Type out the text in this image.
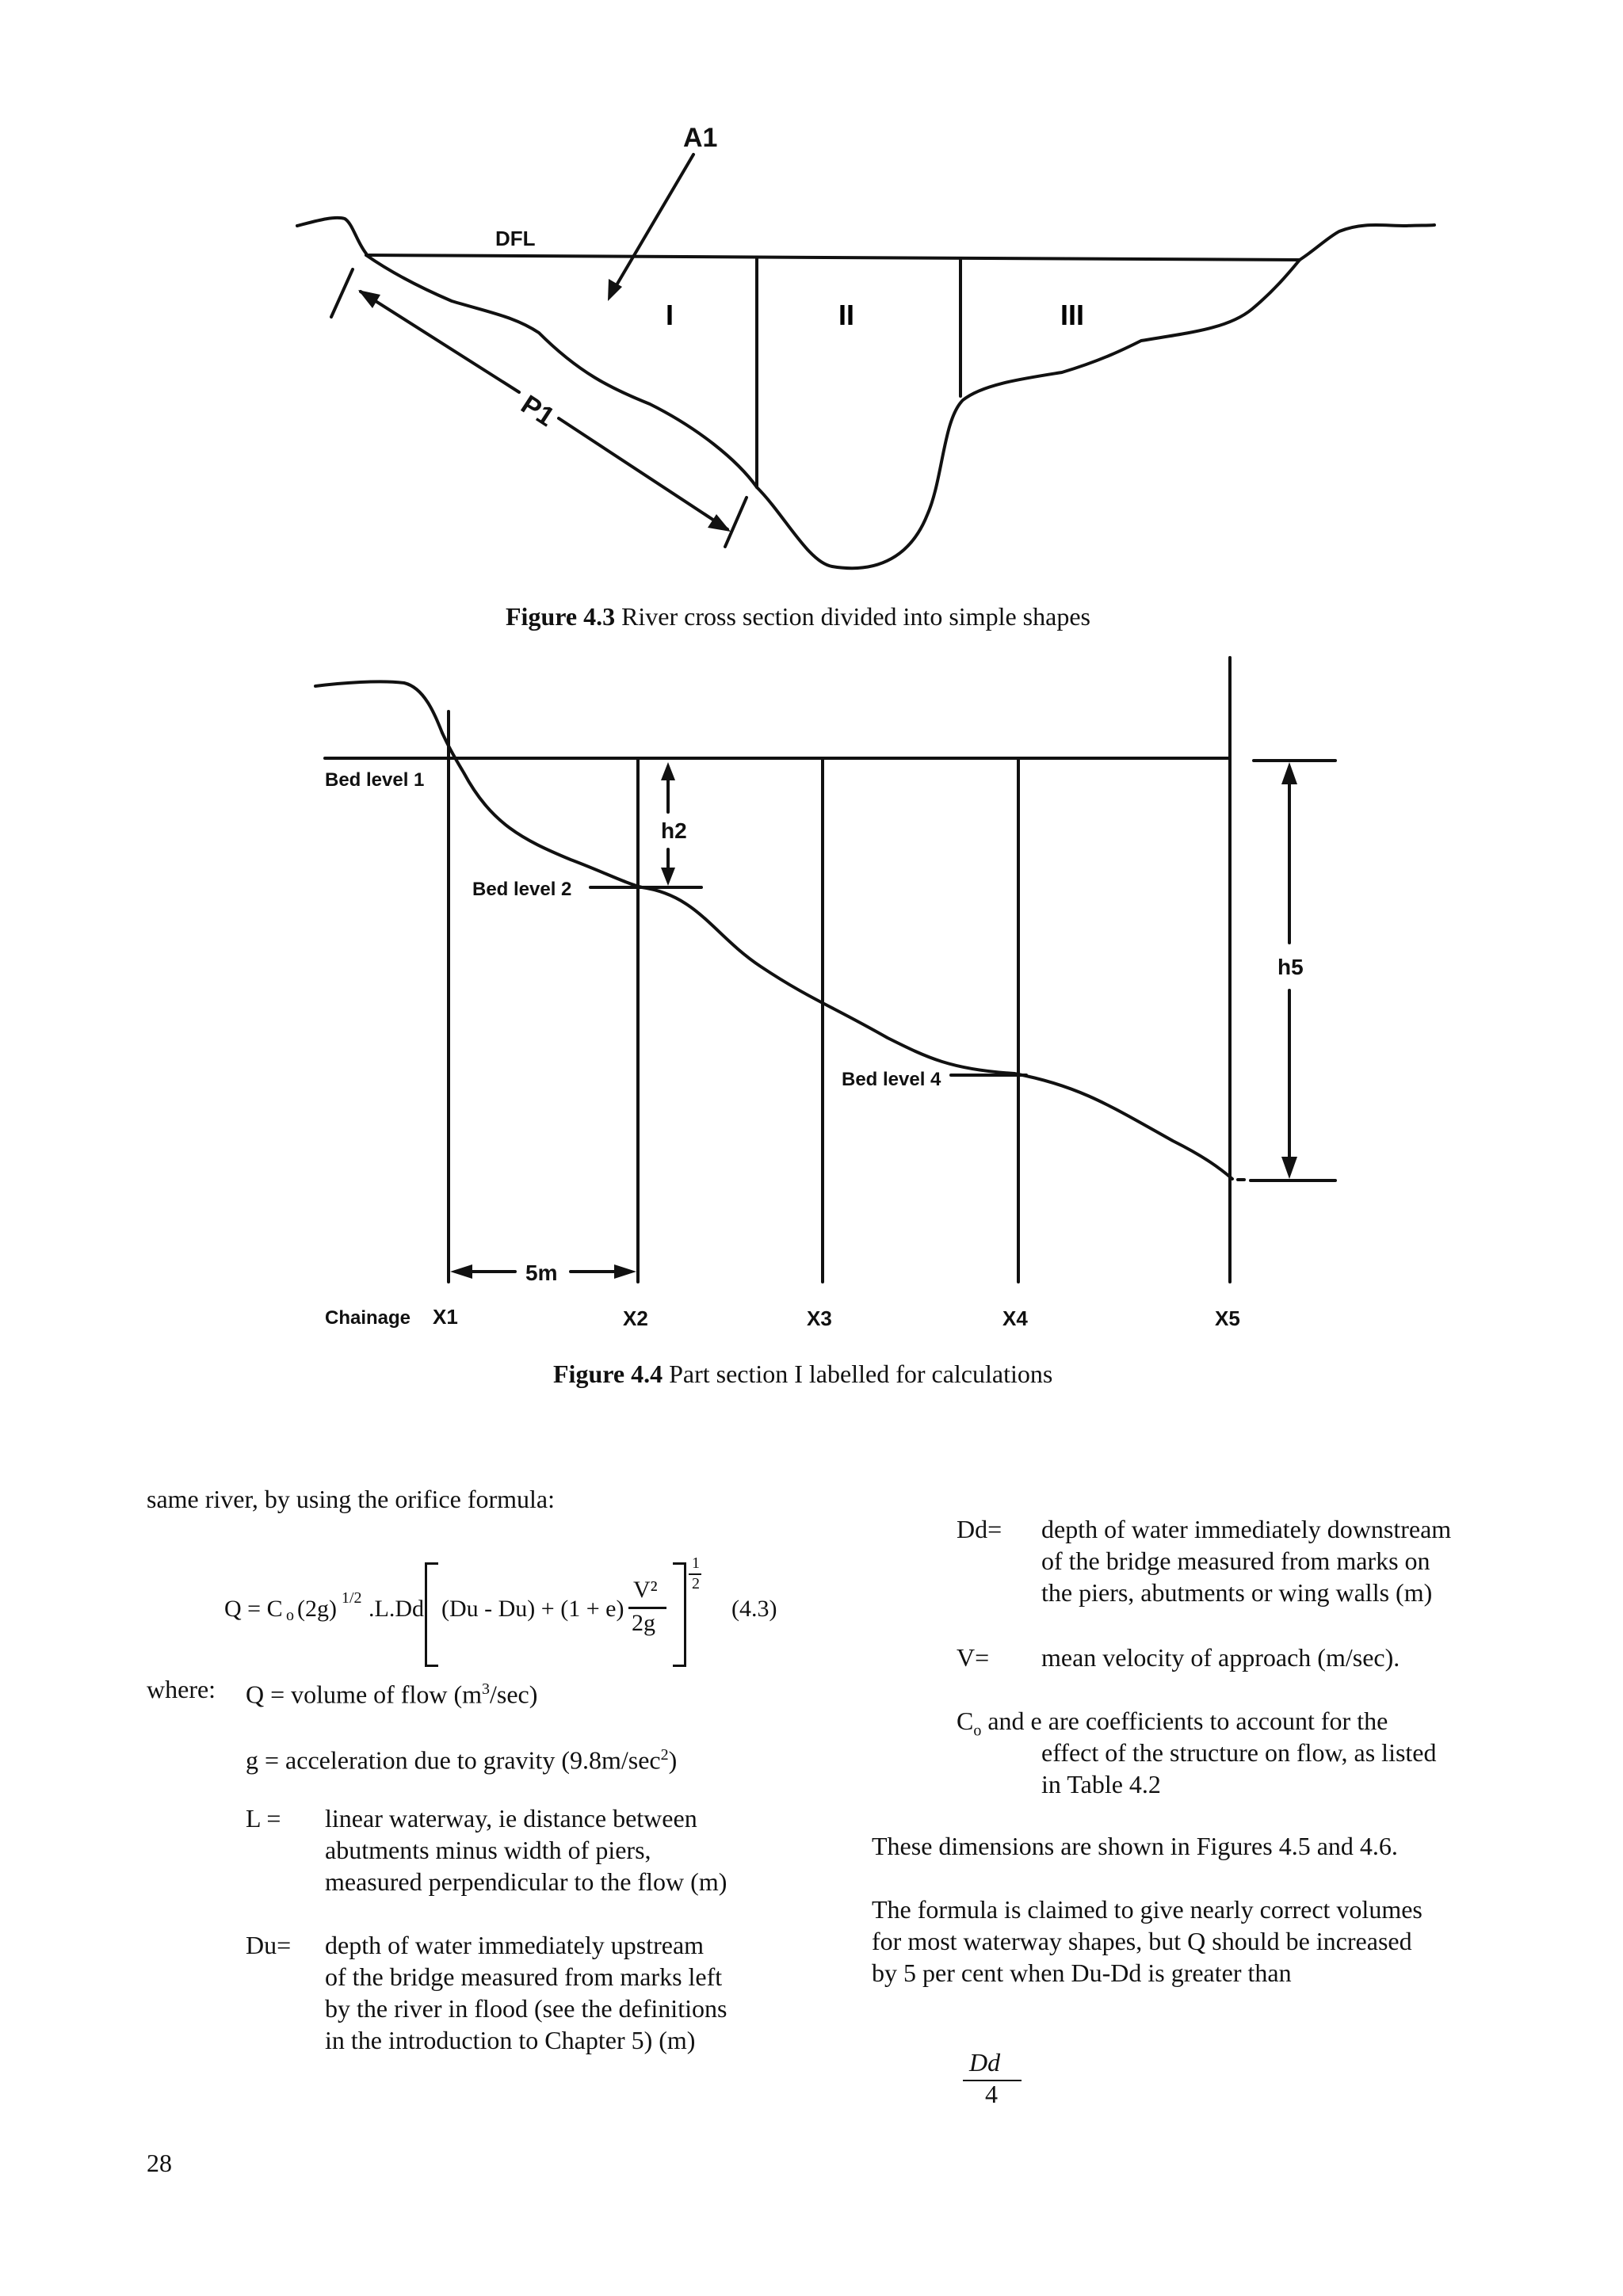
A1
DFL
P1
I	II	III
Figure 4.3 River cross section divided into simple shapes
Bed level 1
Bed level 2
Bed level 4
h2
h5
5m
Chainage X1	X2	X3	X4	X5
Figure 4.4 Part section I labelled for calculations
same river, by using the orifice formula:
Q = C o (2g) 1/2 .L.Dd (Du - Du) + (1 + e)
V²
2g
1
2
(4.3)
where: Q = volume of flow $(m^3/\sec)$
g = acceleration due to gravity $(9.8m/\sec^2)$
L = linear waterway, ie distance between
abutments minus width of piers,
measured perpendicular to the flow (m)
Du= depth of water immediately upstream
of the bridge measured from marks left
by the river in flood (see the definitions
in the introduction to Chapter 5) (m)
Dd= depth of water immediately downstream
of the bridge measured from marks on
the piers, abutments or wing walls (m)
V= mean velocity of approach (m/sec).
$C_o$ and e are coefficients to account for the
effect of the structure on flow, as listed
in Table 4.2
These dimensions are shown in Figures 4.5 and 4.6.
The formula is claimed to give nearly correct volumes
for most waterway shapes, but Q should be increased
by 5 per cent when Du-Dd is greater than
Dd
4
28
